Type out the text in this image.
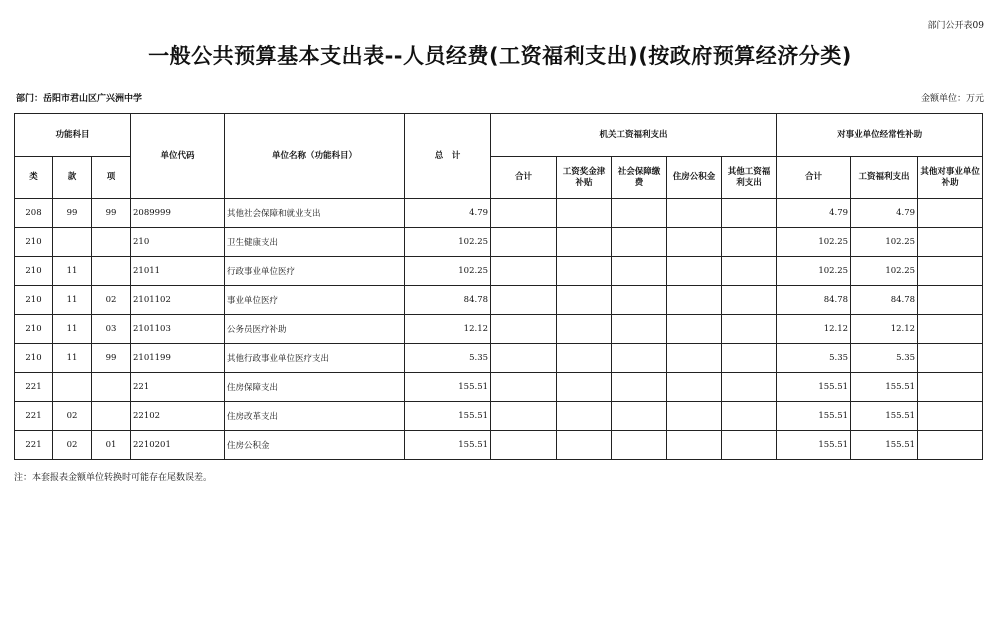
部门公开表09
一般公共预算基本支出表--人员经费(工资福利支出)(按政府预算经济分类)
部门：岳阳市君山区广兴洲中学	金额单位：万元
功能科目			单位代码	单位名称（功能科目）	总　计	机关工资福利支出					对事业单位经常性补助		
类	款	项				合计	工资奖金津补贴	社会保障缴费	住房公积金	其他工资福利支出	合计	工资福利支出	其他对事业单位补助
208	99	99	2089999	其他社会保障和就业支出	4.79						4.79	4.79	
210			210	卫生健康支出	102.25						102.25	102.25	
210	11		21011	行政事业单位医疗	102.25						102.25	102.25	
210	11	02	2101102	事业单位医疗	84.78						84.78	84.78	
210	11	03	2101103	公务员医疗补助	12.12						12.12	12.12	
210	11	99	2101199	其他行政事业单位医疗支出	5.35						5.35	5.35	
221			221	住房保障支出	155.51						155.51	155.51	
221	02		22102	住房改革支出	155.51						155.51	155.51	
221	02	01	2210201	住房公积金	155.51						155.51	155.51	
注：本套报表金额单位转换时可能存在尾数误差。
